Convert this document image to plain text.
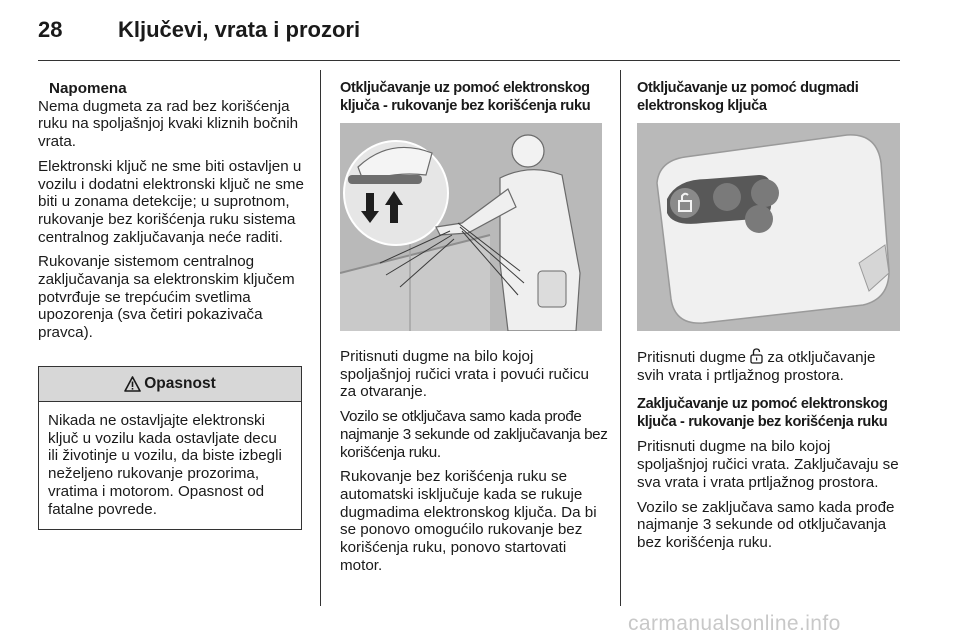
28	Ključevi, vrata i prozori
Napomena

Nema dugmeta za rad bez korišćenja ruku na spoljašnjoj kvaki kliznih bočnih vrata.

Elektronski ključ ne sme biti ostavljen u vozilu i dodatni elektronski ključ ne sme biti u zonama detekcije; u suprotnom, rukovanje bez korišćenja ruku sistema centralnog zaključavanja neće raditi.

Rukovanje sistemom centralnog zaključavanja sa elektronskim ključem potvrđuje se trepćućim svetlima upozorenja (sva četiri pokazivača pravca).

Opasnost
Nikada ne ostavljajte elektronski ključ u vozilu kada ostavljate decu ili životinje u vozilu, da biste izbegli neželjeno rukovanje prozorima, vratima i motorom. Opasnost od fatalne povrede.

Otključavanje uz pomoć elektronskog ključa - rukovanje bez korišćenja ruku

Pritisnuti dugme na bilo kojoj spoljašnjoj ručici vrata i povući ručicu za otvaranje.

Vozilo se otključava samo kada prođe najmanje 3 sekunde od zaključavanja bez korišćenja ruku.

Rukovanje bez korišćenja ruku se automatski isključuje kada se rukuje dugmadima elektronskog ključa. Da bi se ponovo omogućilo rukovanje bez korišćenja ruku, ponovo startovati motor.

Otključavanje uz pomoć dugmadi elektronskog ključa

Pritisnuti dugme za otključavanje svih vrata i prtljažnog prostora.

Zaključavanje uz pomoć elektronskog ključa - rukovanje bez korišćenja ruku

Pritisnuti dugme na bilo kojoj spoljašnjoj ručici vrata. Zaključavaju se sva vrata i vrata prtljažnog prostora.

Vozilo se zaključava samo kada prođe najmanje 3 sekunde od otključavanja bez korišćenja ruku.

carmanualsonline.info
